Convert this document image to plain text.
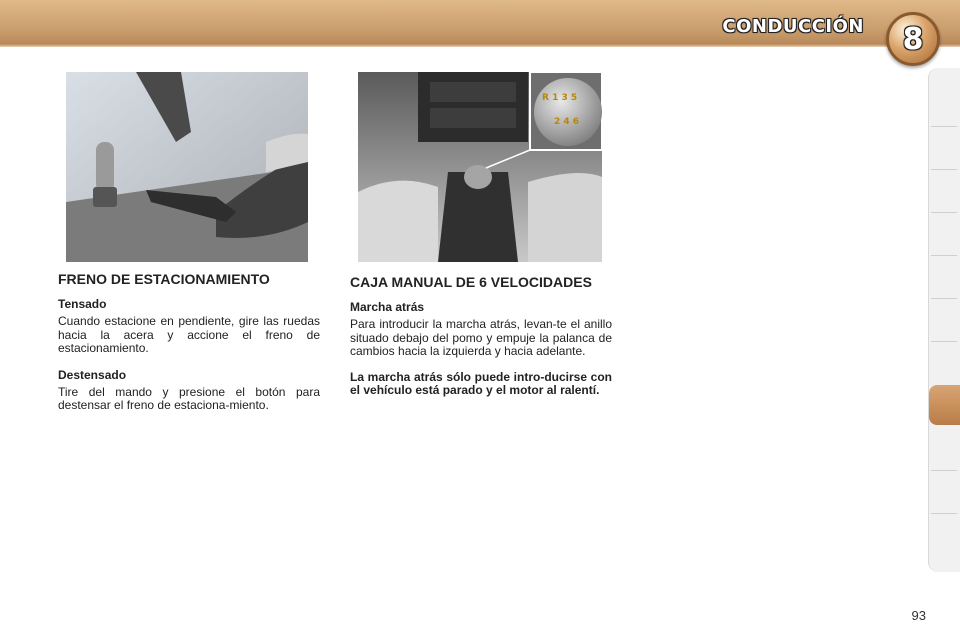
CONDUCCIÓN 8
R 1 3 5
2 4 6
FRENO DE ESTACIONAMIENTO
Tensado

Cuando estacione en pendiente, gire las ruedas hacia la acera y accione el freno de estacionamiento.

Destensado

Tire del mando y presione el botón para destensar el freno de estaciona-miento.

CAJA MANUAL DE 6 VELOCIDADES
Marcha atrás

Para introducir la marcha atrás, levan-te el anillo situado debajo del pomo y empuje la palanca de cambios hacia la izquierda y hacia adelante.

La marcha atrás sólo puede intro-ducirse con el vehículo está parado y el motor al ralentí.

93
